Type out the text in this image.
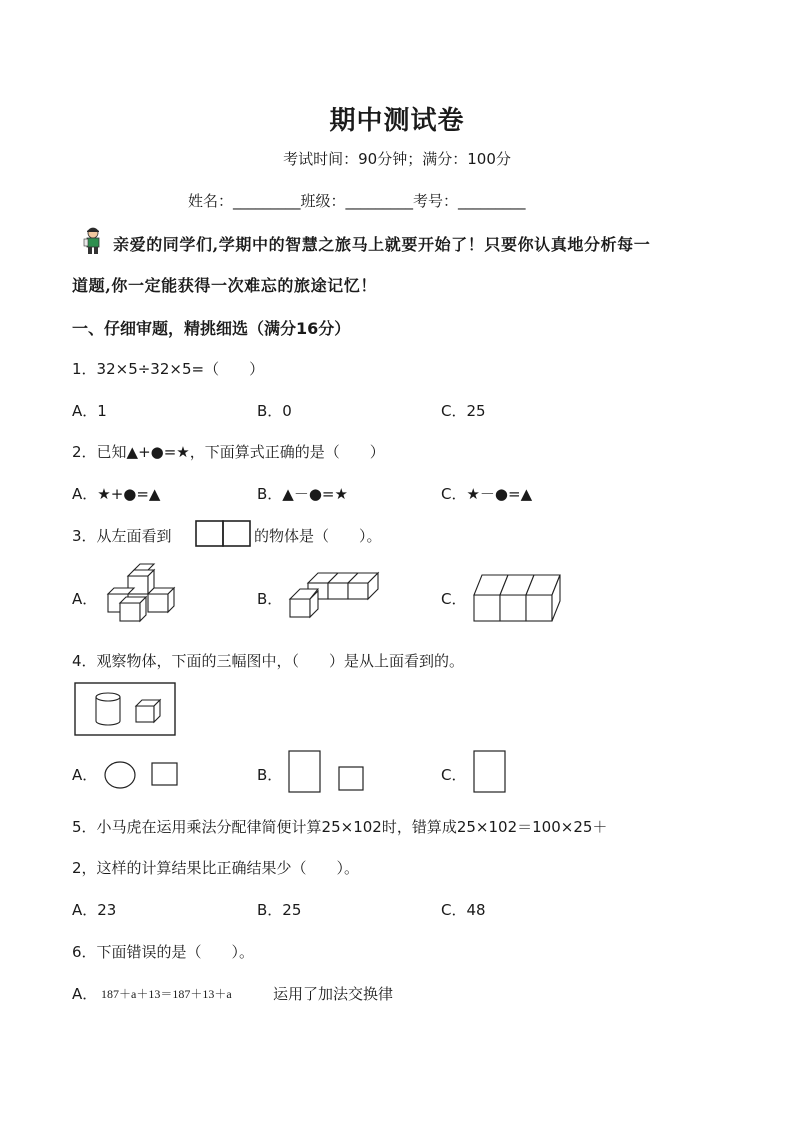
期中测试卷
考试时间：90分钟；满分：100分
姓名：_________班级：_________考号：_________
亲爱的同学们,学期中的智慧之旅马上就要开始了！只要你认真地分析每一
道题,你一定能获得一次难忘的旅途记忆！
一、仔细审题，精挑细选（满分16分）
1．32×5÷32×5=（　　）
A．1	B．0	C．25
2．已知▲+●=★，下面算式正确的是（　　）
A．★+●=▲	B．▲－●=★	C．★－●=▲
3．从左面看到	的物体是（　　）。
A．	B．	C．
4．观察物体，下面的三幅图中，（　　）是从上面看到的。
A．	B．	C．
5．小马虎在运用乘法分配律简便计算25×102时，错算成25×102＝100×25＋
2，这样的计算结果比正确结果少（　　）。
A．23	B．25	C．48
6．下面错误的是（　　）。
A． 187＋a＋13＝187＋13＋a	运用了加法交换律
